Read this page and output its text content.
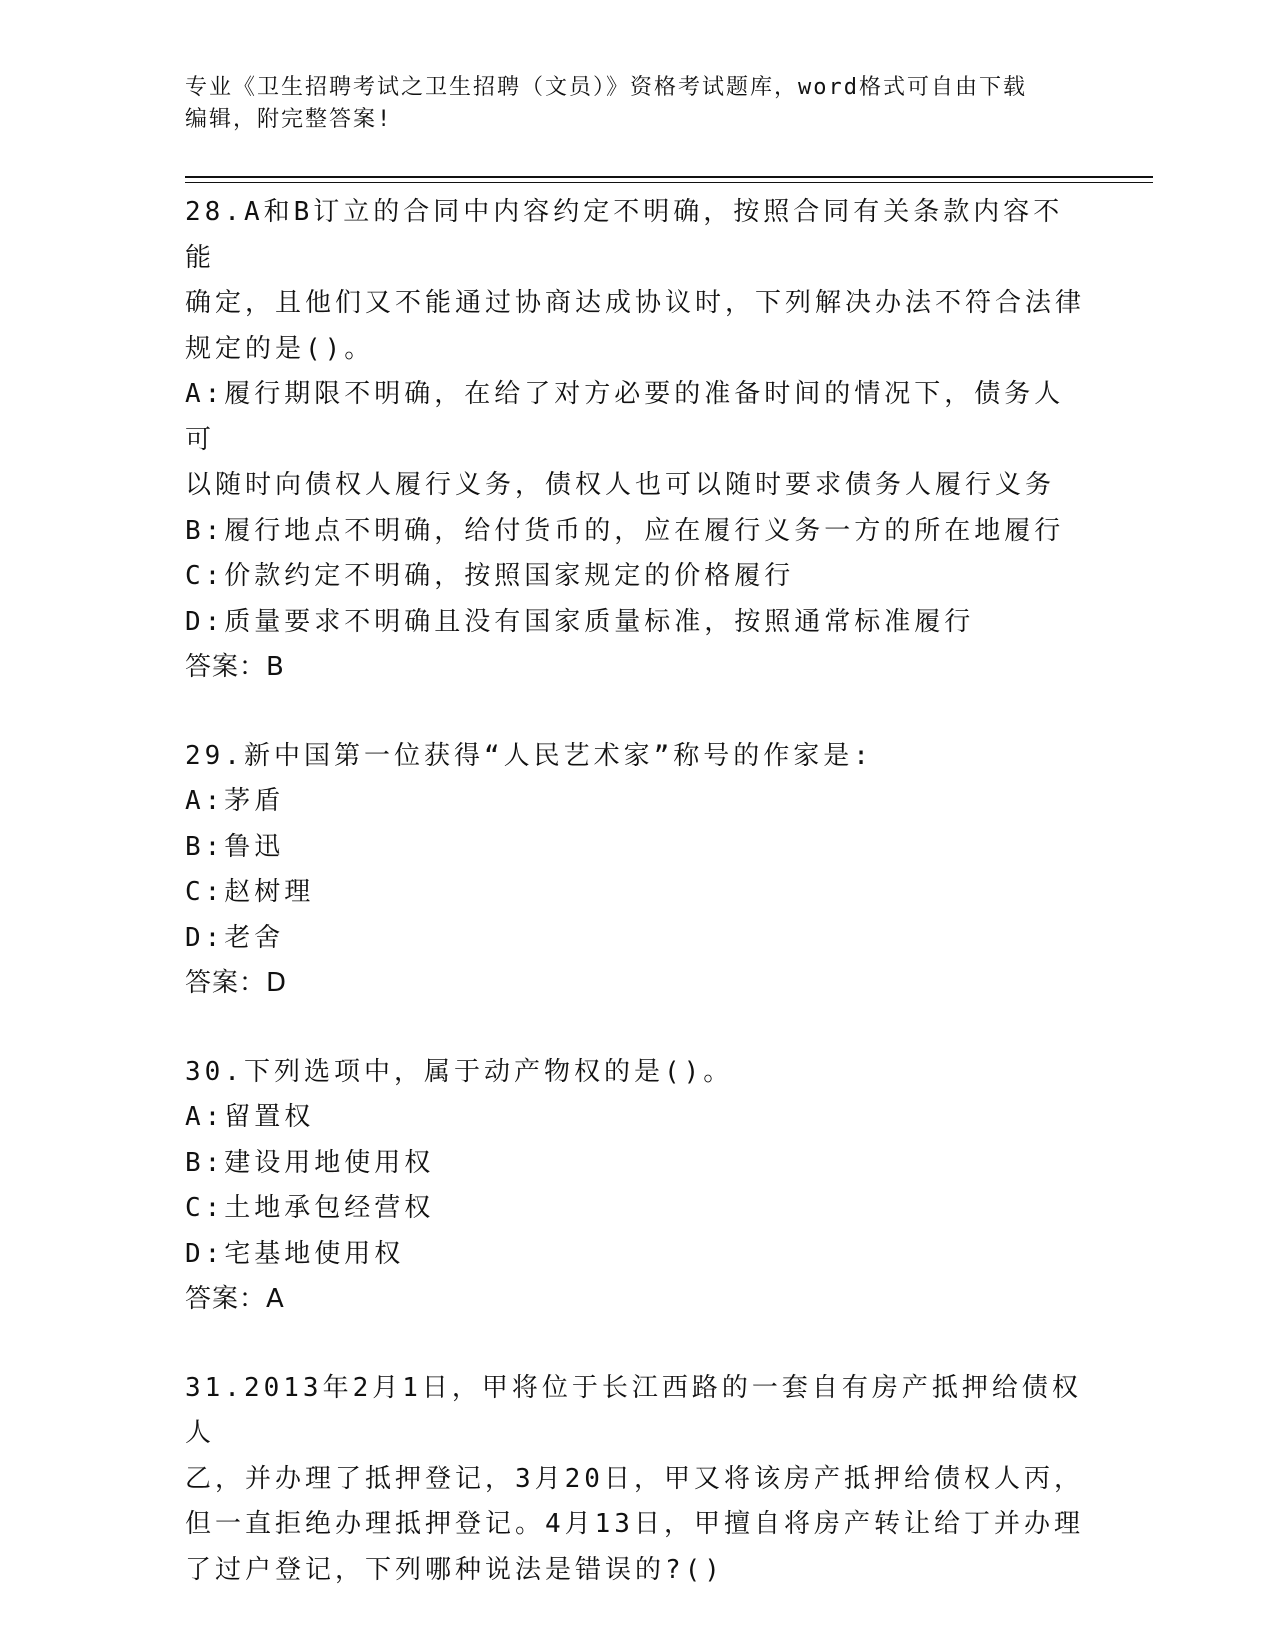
专业《卫生招聘考试之卫生招聘（文员）》资格考试题库，word格式可自由下载
编辑，附完整答案!
28.A和B订立的合同中内容约定不明确，按照合同有关条款内容不能
确定，且他们又不能通过协商达成协议时，下列解决办法不符合法律
规定的是()。
A:履行期限不明确，在给了对方必要的准备时间的情况下，债务人可
以随时向债权人履行义务，债权人也可以随时要求债务人履行义务
B:履行地点不明确，给付货币的，应在履行义务一方的所在地履行
C:价款约定不明确，按照国家规定的价格履行
D:质量要求不明确且没有国家质量标准，按照通常标准履行
答案：B
29.新中国第一位获得“人民艺术家”称号的作家是:
A:茅盾
B:鲁迅
C:赵树理
D:老舍
答案：D
30.下列选项中，属于动产物权的是()。
A:留置权
B:建设用地使用权
C:土地承包经营权
D:宅基地使用权
答案：A
31.2013年2月1日，甲将位于长江西路的一套自有房产抵押给债权人
乙，并办理了抵押登记，3月20日，甲又将该房产抵押给债权人丙，
但一直拒绝办理抵押登记。4月13日，甲擅自将房产转让给丁并办理
了过户登记，下列哪种说法是错误的?()
